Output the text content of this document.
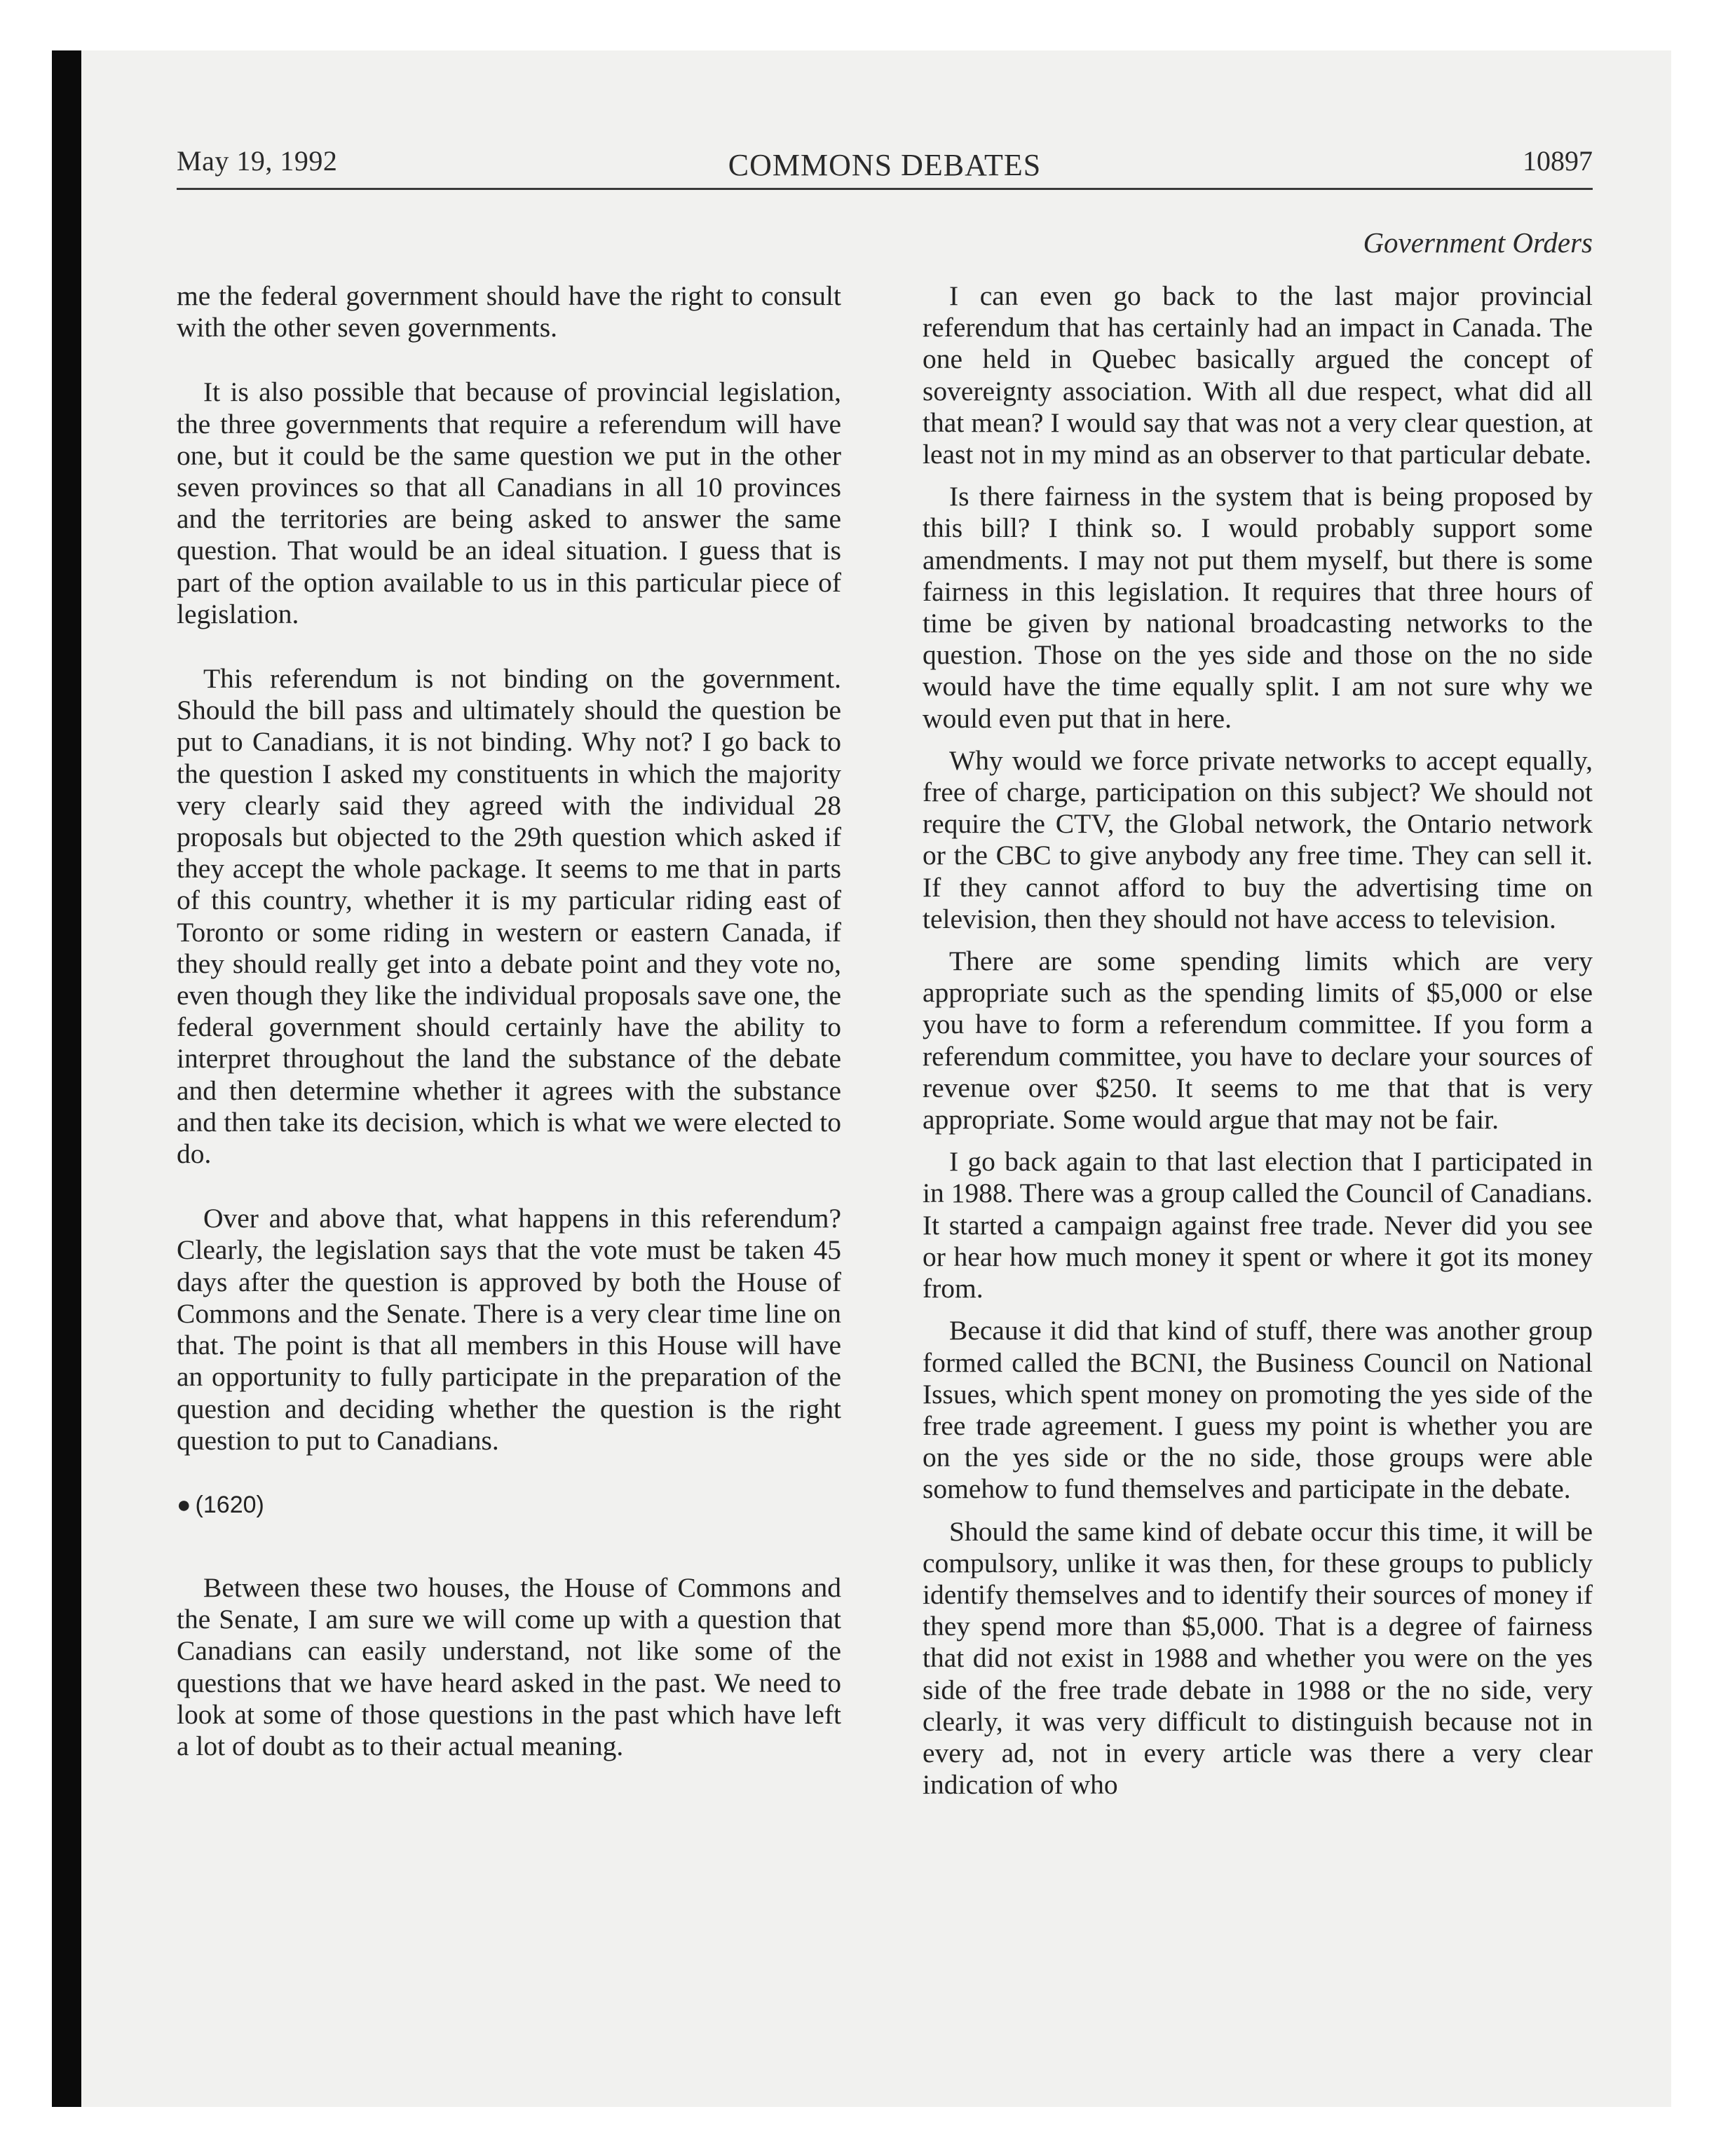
May 19, 1992	COMMONS DEBATES	10897
Government Orders

me the federal government should have the right to consult with the other seven governments.

It is also possible that because of provincial legislation, the three governments that require a referendum will have one, but it could be the same question we put in the other seven provinces so that all Canadians in all 10 provinces and the territories are being asked to answer the same question. That would be an ideal situation. I guess that is part of the option available to us in this particular piece of legislation.

This referendum is not binding on the government. Should the bill pass and ultimately should the question be put to Canadians, it is not binding. Why not? I go back to the question I asked my constituents in which the majority very clearly said they agreed with the individual 28 proposals but objected to the 29th question which asked if they accept the whole package. It seems to me that in parts of this country, whether it is my particular riding east of Toronto or some riding in western or eastern Canada, if they should really get into a debate point and they vote no, even though they like the individual proposals save one, the federal government should certainly have the ability to interpret throughout the land the substance of the debate and then determine whether it agrees with the substance and then take its decision, which is what we were elected to do.

Over and above that, what happens in this referendum? Clearly, the legislation says that the vote must be taken 45 days after the question is approved by both the House of Commons and the Senate. There is a very clear time line on that. The point is that all members in this House will have an opportunity to fully participate in the preparation of the question and deciding whether the question is the right question to put to Canadians.

● (1620)

Between these two houses, the House of Commons and the Senate, I am sure we will come up with a question that Canadians can easily understand, not like some of the questions that we have heard asked in the past. We need to look at some of those questions in the past which have left a lot of doubt as to their actual meaning.

I can even go back to the last major provincial referendum that has certainly had an impact in Canada. The one held in Quebec basically argued the concept of sovereignty association. With all due respect, what did all that mean? I would say that was not a very clear question, at least not in my mind as an observer to that particular debate.

Is there fairness in the system that is being proposed by this bill? I think so. I would probably support some amendments. I may not put them myself, but there is some fairness in this legislation. It requires that three hours of time be given by national broadcasting networks to the question. Those on the yes side and those on the no side would have the time equally split. I am not sure why we would even put that in here.

Why would we force private networks to accept equally, free of charge, participation on this subject? We should not require the CTV, the Global network, the Ontario network or the CBC to give anybody any free time. They can sell it. If they cannot afford to buy the advertising time on television, then they should not have access to television.

There are some spending limits which are very appropriate such as the spending limits of $5,000 or else you have to form a referendum committee. If you form a referendum committee, you have to declare your sources of revenue over $250. It seems to me that that is very appropriate. Some would argue that may not be fair.

I go back again to that last election that I participated in in 1988. There was a group called the Council of Canadians. It started a campaign against free trade. Never did you see or hear how much money it spent or where it got its money from.

Because it did that kind of stuff, there was another group formed called the BCNI, the Business Council on National Issues, which spent money on promoting the yes side of the free trade agreement. I guess my point is whether you are on the yes side or the no side, those groups were able somehow to fund themselves and participate in the debate.

Should the same kind of debate occur this time, it will be compulsory, unlike it was then, for these groups to publicly identify themselves and to identify their sources of money if they spend more than $5,000. That is a degree of fairness that did not exist in 1988 and whether you were on the yes side of the free trade debate in 1988 or the no side, very clearly, it was very difficult to distinguish because not in every ad, not in every article was there a very clear indication of who
